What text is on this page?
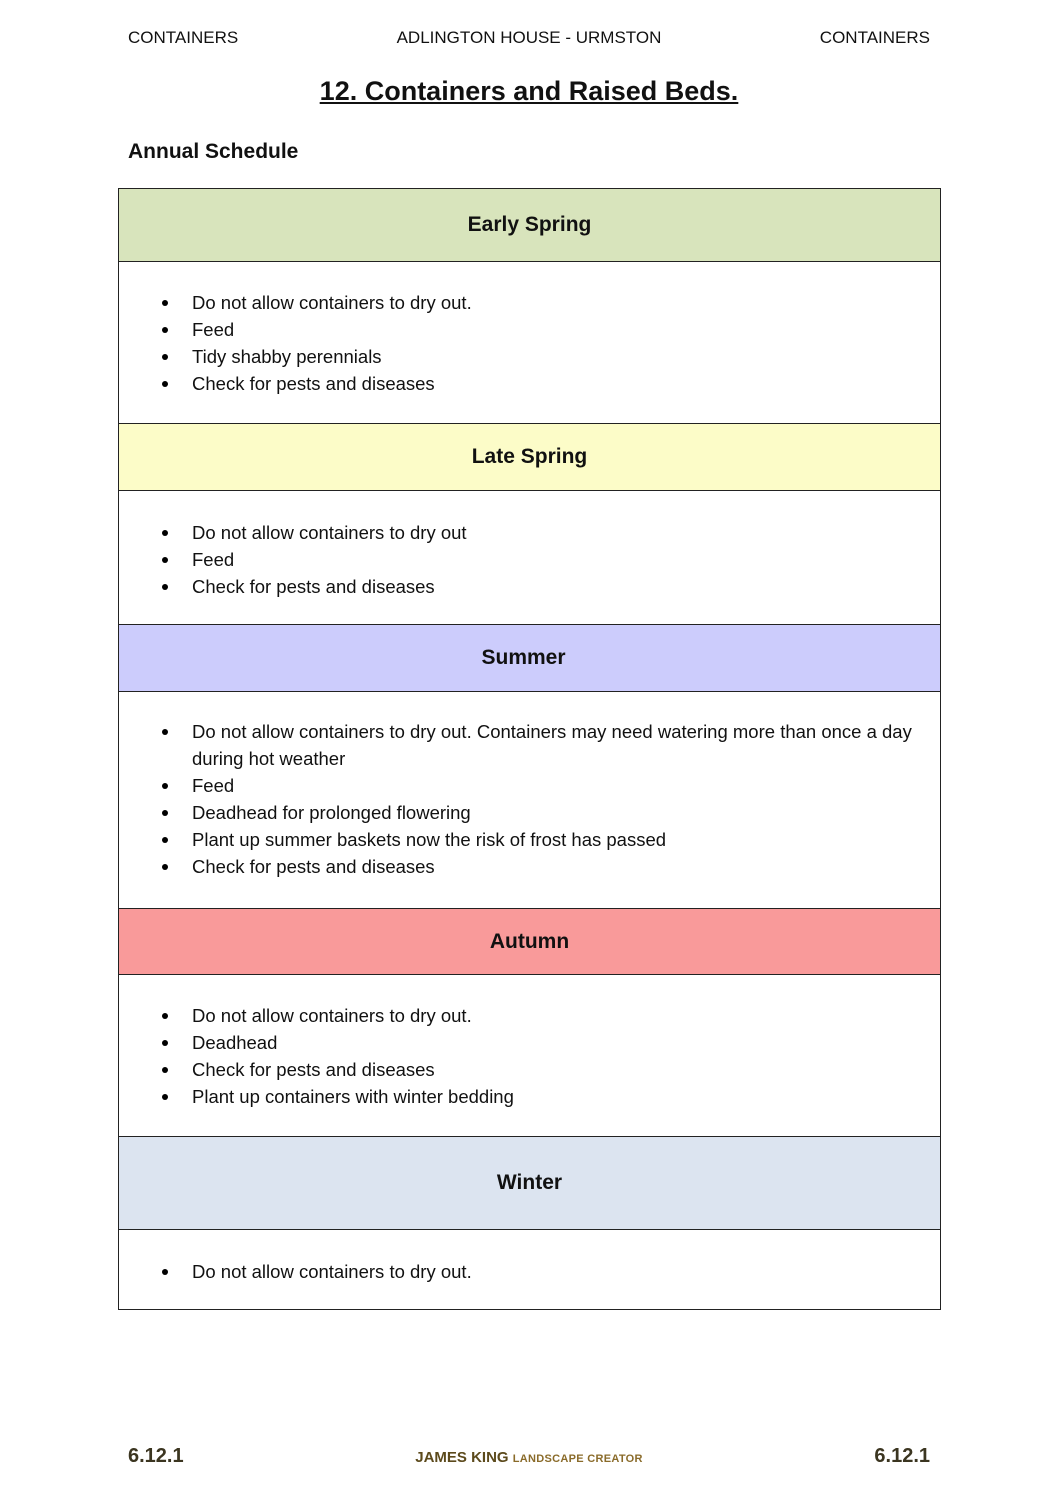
ADLINGTON HOUSE - URMSTON
CONTAINERS	CONTAINERS
12. Containers and Raised Beds.
Annual Schedule
Early Spring
Do not allow containers to dry out.
Feed
Tidy shabby perennials
Check for pests and diseases
Late Spring
Do not allow containers to dry out
Feed
Check for pests and diseases
Summer
Do not allow containers to dry out. Containers may need watering more than once a day during hot weather
Feed
Deadhead for prolonged flowering
Plant up summer baskets now the risk of frost has passed
Check for pests and diseases
Autumn
Do not allow containers to dry out.
Deadhead
Check for pests and diseases
Plant up containers with winter bedding
Winter
Do not allow containers to dry out.
6.12.1	JAMES KING LANDSCAPE CREATOR	6.12.1
